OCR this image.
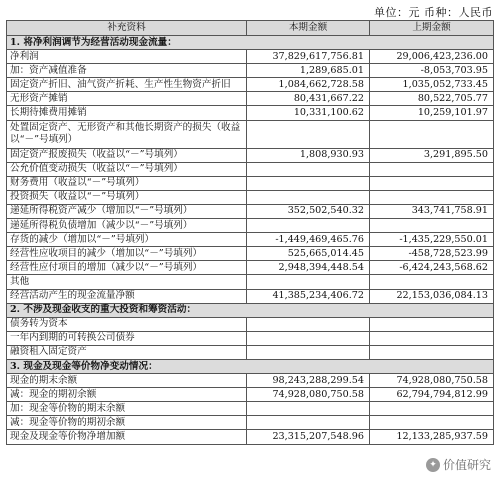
单位：元 币种：人民币
补充资料	本期金额	上期金额
1. 将净利润调节为经营活动现金流量：		
净利润	37,829,617,756.81	29,006,423,236.00
加：资产减值准备	1,289,685.01	-8,053,703.95
固定资产折旧、油气资产折耗、生产性生物资产折旧	1,084,662,728.58	1,035,052,733.45
无形资产摊销	80,431,667.22	80,522,705.77
长期待摊费用摊销	10,331,100.62	10,259,101.97
处置固定资产、无形资产和其他长期资产的损失（收益以“－”号填列）		
固定资产报废损失（收益以“－”号填列）	1,808,930.93	3,291,895.50
公允价值变动损失（收益以“－”号填列）		
财务费用（收益以“－”号填列）		
投资损失（收益以“－”号填列）		
递延所得税资产减少（增加以“－”号填列）	352,502,540.32	343,741,758.91
递延所得税负债增加（减少以“－”号填列）		
存货的减少（增加以“－”号填列）	-1,449,469,465.76	-1,435,229,550.01
经营性应收项目的减少（增加以“－”号填列）	525,665,014.45	-458,728,523.99
经营性应付项目的增加（减少以“－”号填列）	2,948,394,448.54	-6,424,243,568.62
其他		
经营活动产生的现金流量净额	41,385,234,406.72	22,153,036,084.13
2. 不涉及现金收支的重大投资和筹资活动：		
债务转为资本		
一年内到期的可转换公司债券		
融资租入固定资产		
3. 现金及现金等价物净变动情况：		
现金的期末余额	98,243,288,299.54	74,928,080,750.58
减：现金的期初余额	74,928,080,750.58	62,794,794,812.99
加：现金等价物的期末余额		
减：现金等价物的期初余额		
现金及现金等价物净增加额	23,315,207,548.96	12,133,285,937.59
✦ 价值研究
